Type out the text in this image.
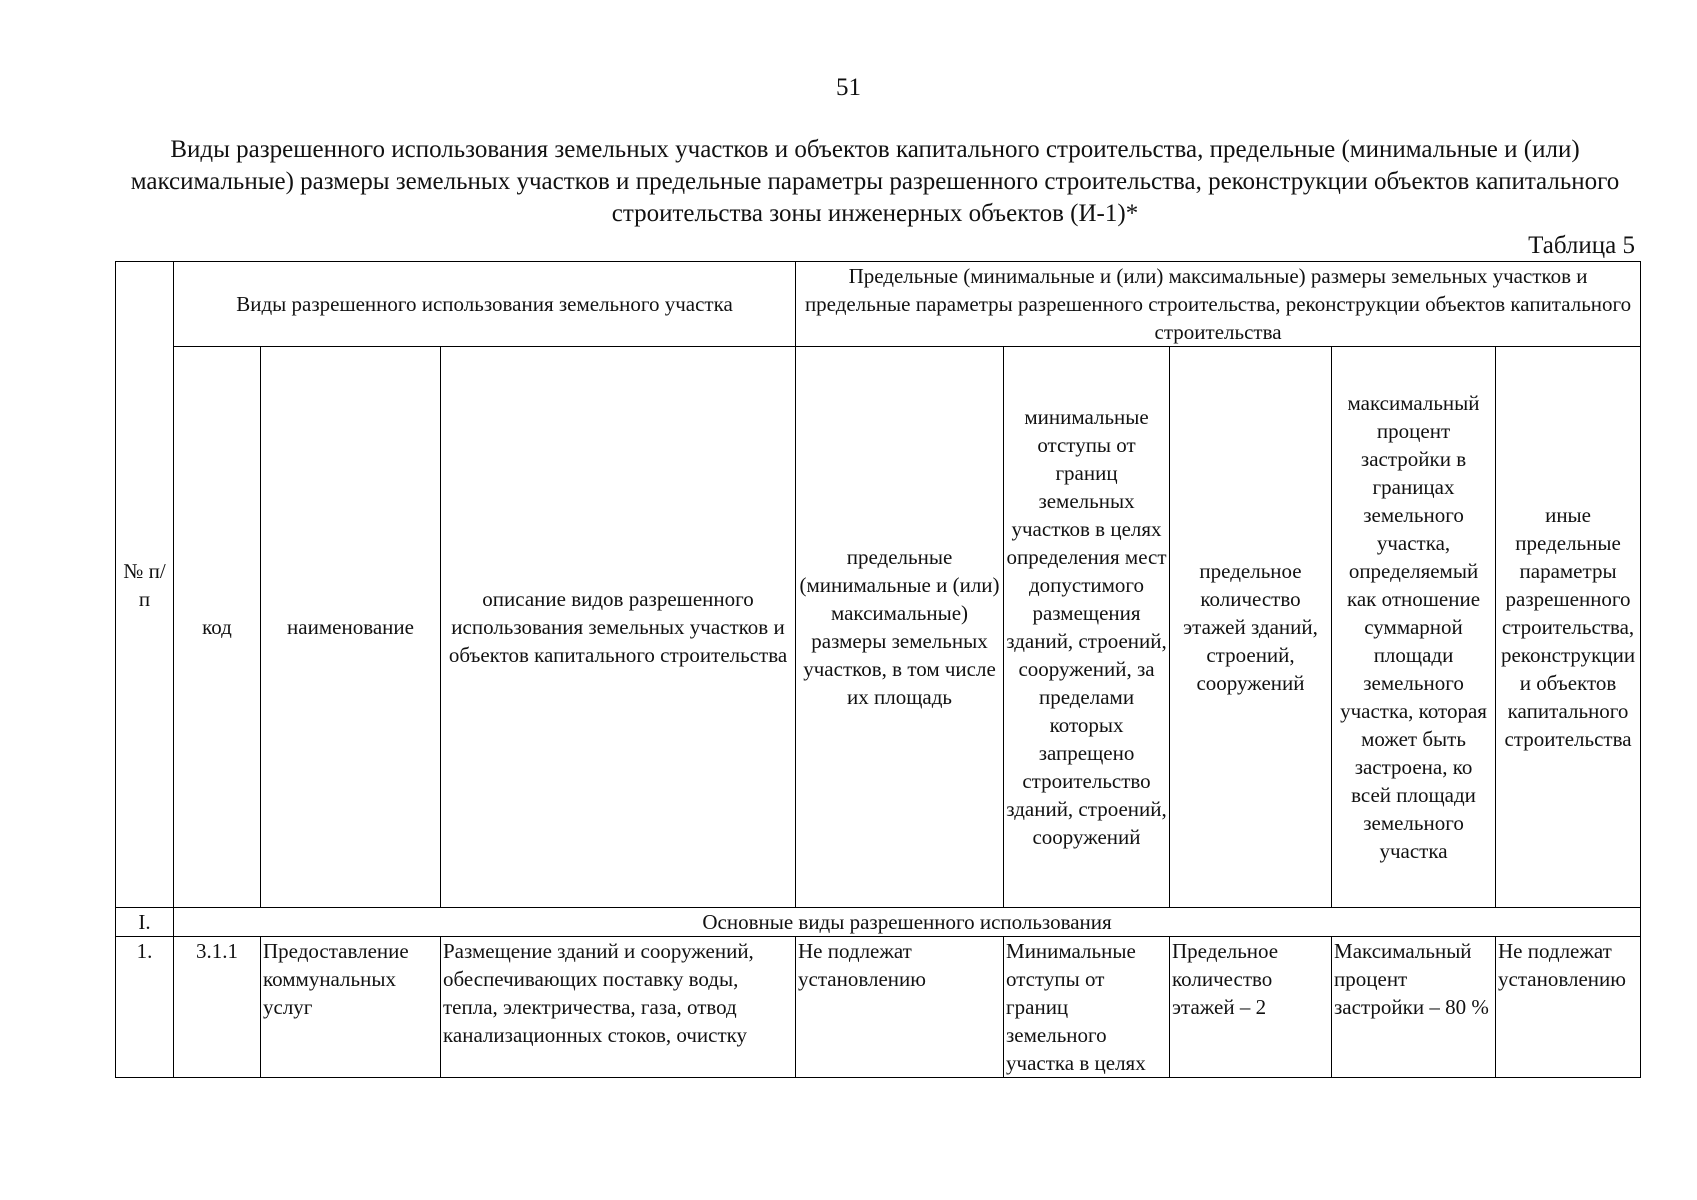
51
Виды разрешенного использования земельных участков и объектов капитального строительства, предельные (минимальные и (или) максимальные) размеры земельных участков и предельные параметры разрешенного строительства, реконструкции объектов капитального строительства зоны инженерных объектов (И-1)*
Таблица 5
№ п/п	Виды разрешенного использования земельного участка			Предельные (минимальные и (или) максимальные) размеры земельных участков и предельные параметры разрешенного строительства, реконструкции объектов капитального строительства				
	код	наименование	описание видов разрешенного использования земельных участков и объектов капитального строительства	предельные (минимальные и (или) максимальные) размеры земельных участков, в том числе их площадь	минимальные отступы от границ земельных участков в целях определения мест допустимого размещения зданий, строений, сооружений, за пределами которых запрещено строительство зданий, строений, сооружений	предельное количество этажей зданий, строений, сооружений	максимальный процент застройки в границах земельного участка, определяемый как отношение суммарной площади земельного участка, которая может быть застроена, ко всей площади земельного участка	иные предельные параметры разрешенного строительства, реконструкции и объектов капитального строительства
I.	Основные виды разрешенного использования							

1.	3.1.1	Предоставление коммунальных услуг	Размещение зданий и сооружений, обеспечивающих поставку воды, тепла, электричества, газа, отвод канализационных стоков, очистку	Не подлежат установлению	Минимальные отступы от границ земельного участка в целях	Предельное количество этажей – 2	Максимальный процент застройки – 80 %	Не подлежат установлению
